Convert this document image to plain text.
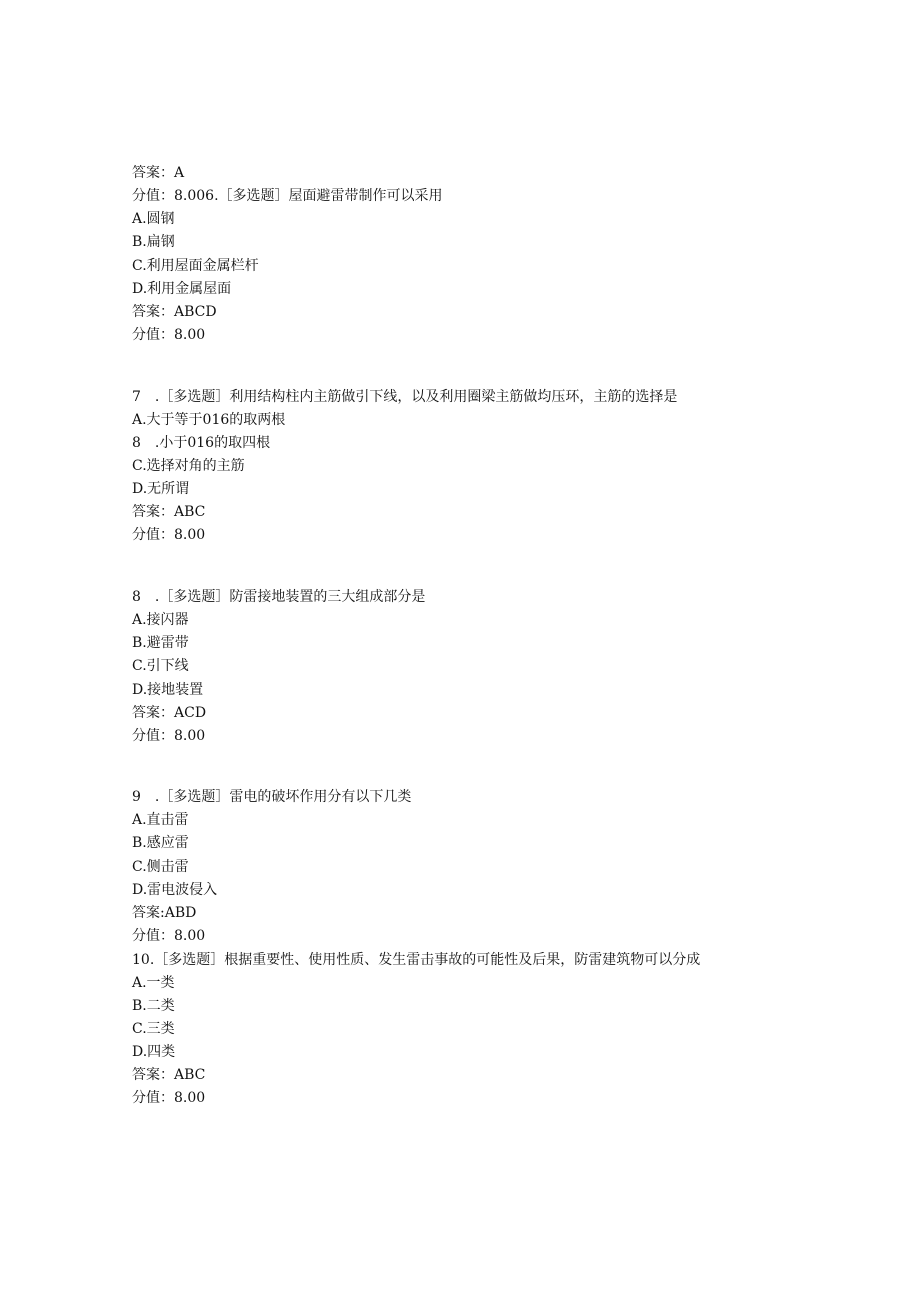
答案：A
分值：8.006.［多选题］屋面避雷带制作可以采用
A.圆钢
B.扁钢
C.利用屋面金属栏杆
D.利用金属屋面
答案：ABCD
分值：8.00
7　.［多选题］利用结构柱内主筋做引下线，以及利用圈梁主筋做均压环，主筋的选择是
A.大于等于016的取两根
8　.小于016的取四根
C.选择对角的主筋
D.无所谓
答案：ABC
分值：8.00
8　.［多选题］防雷接地装置的三大组成部分是
A.接闪器
B.避雷带
C.引下线
D.接地装置
答案：ACD
分值：8.00
9　.［多选题］雷电的破坏作用分有以下几类
A.直击雷
B.感应雷
C.侧击雷
D.雷电波侵入
答案:ABD
分值：8.00
10.［多选题］根据重要性、使用性质、发生雷击事故的可能性及后果，防雷建筑物可以分成
A.一类
B.二类
C.三类
D.四类
答案：ABC
分值：8.00
